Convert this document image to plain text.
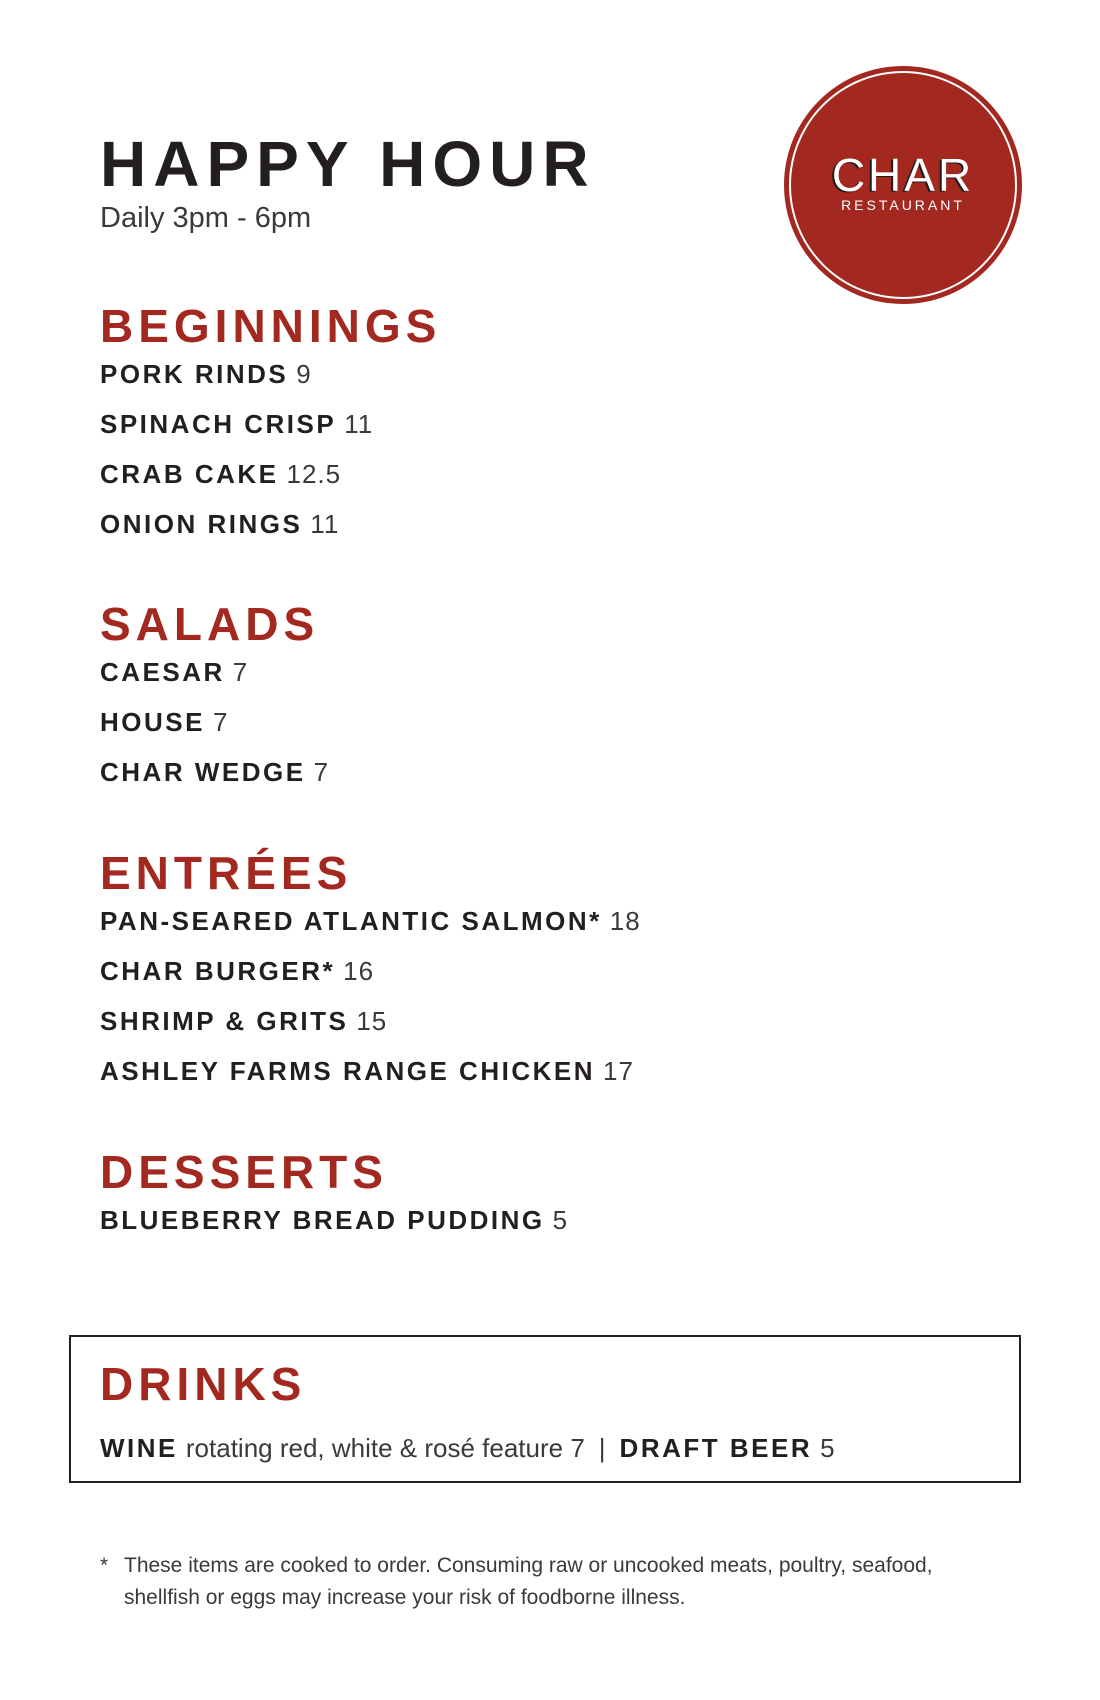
HAPPY HOUR
Daily 3pm - 6pm
CHAR
RESTAURANT
BEGINNINGS
PORK RINDS 9
SPINACH CRISP 11
CRAB CAKE 12.5
ONION RINGS 11
SALADS
CAESAR 7
HOUSE 7
CHAR WEDGE 7
ENTRÉES
PAN-SEARED ATLANTIC SALMON* 18
CHAR BURGER* 16
SHRIMP & GRITS 15
ASHLEY FARMS RANGE CHICKEN 17
DESSERTS
BLUEBERRY BREAD PUDDING 5
DRINKS
WINE rotating red, white & rosé feature 7 | DRAFT BEER 5
* These items are cooked to order. Consuming raw or uncooked meats, poultry, seafood, shellfish or eggs may increase your risk of foodborne illness.
